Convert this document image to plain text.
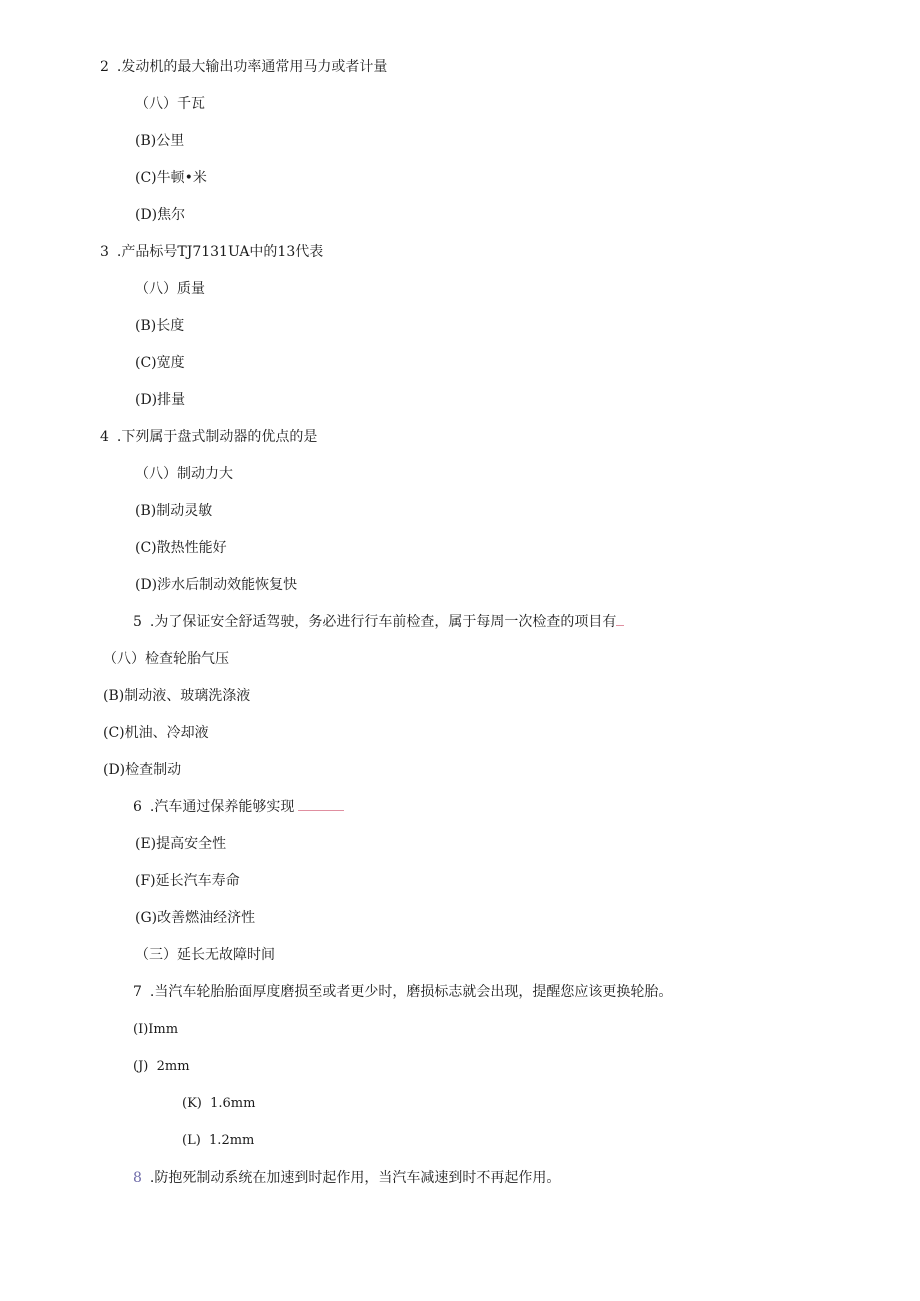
2 .发动机的最大输出功率通常用马力或者计量
（八）千瓦
(B)公里
(C)牛顿•米
(D)焦尔
3 .产品标号TJ7131UA中的13代表
（八）质量
(B)长度
(C)宽度
(D)排量
4 .下列属于盘式制动器的优点的是
（八）制动力大
(B)制动灵敏
(C)散热性能好
(D)涉水后制动效能恢复快
5 .为了保证安全舒适驾驶，务必进行行车前检查，属于每周一次检查的项目有
（八）检查轮胎气压
(B)制动液、玻璃洗涤液
(C)机油、冷却液
(D)检查制动
6 .汽车通过保养能够实现
(E)提高安全性
(F)延长汽车寿命
(G)改善燃油经济性
（三）延长无故障时间
7 .当汽车轮胎胎面厚度磨损至或者更少时，磨损标志就会出现，提醒您应该更换轮胎。
(I)Imm
(J)  2mm
(K)  1.6mm
(L)  1.2mm
8 .防抱死制动系统在加速到时起作用，当汽车减速到时不再起作用。
